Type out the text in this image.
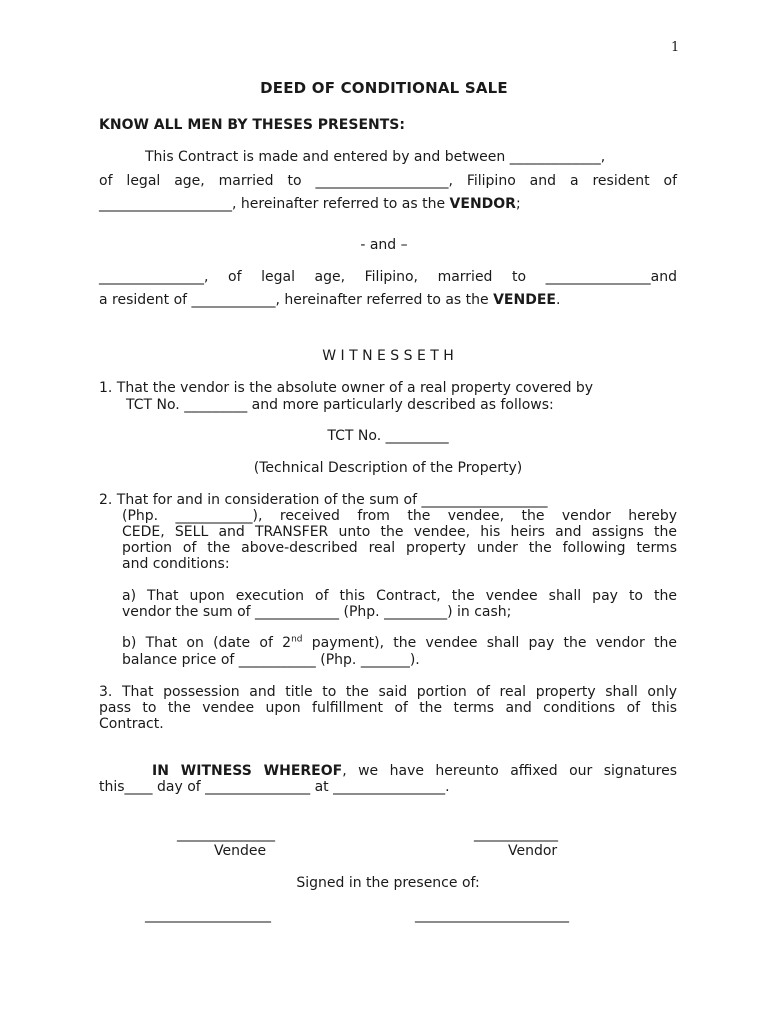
1
DEED OF CONDITIONAL SALE
KNOW ALL MEN BY THESES PRESENTS:
This Contract is made and entered by and between _____________,
of legal age, married to ___________________, Filipino and a resident of
___________________, hereinafter referred to as the VENDOR;
- and –
_______________, of legal age, Filipino, married to _______________and
a resident of ____________, hereinafter referred to as the VENDEE.
W I T N E S S E T H
1. That the vendor is the absolute owner of a real property covered by
TCT No. _________ and more particularly described as follows:
TCT No. _________
(Technical Description of the Property)
2. That for and in consideration of the sum of __________________
(Php. ___________), received from the vendee, the vendor hereby
CEDE, SELL and TRANSFER unto the vendee, his heirs and assigns the
portion of the above-described real property under the following terms
and conditions:
a) That upon execution of this Contract, the vendee shall pay to the
vendor the sum of ____________ (Php. _________) in cash;
b) That on (date of 2nd payment), the vendee shall pay the vendor the
balance price of ___________ (Php. _______).
3. That possession and title to the said portion of real property shall only
pass to the vendee upon fulfillment of the terms and conditions of this
Contract.
IN WITNESS WHEREOF, we have hereunto affixed our signatures
this____ day of _______________ at ________________.
______________
Vendee
____________
Vendor
Signed in the presence of:
__________________	______________________
